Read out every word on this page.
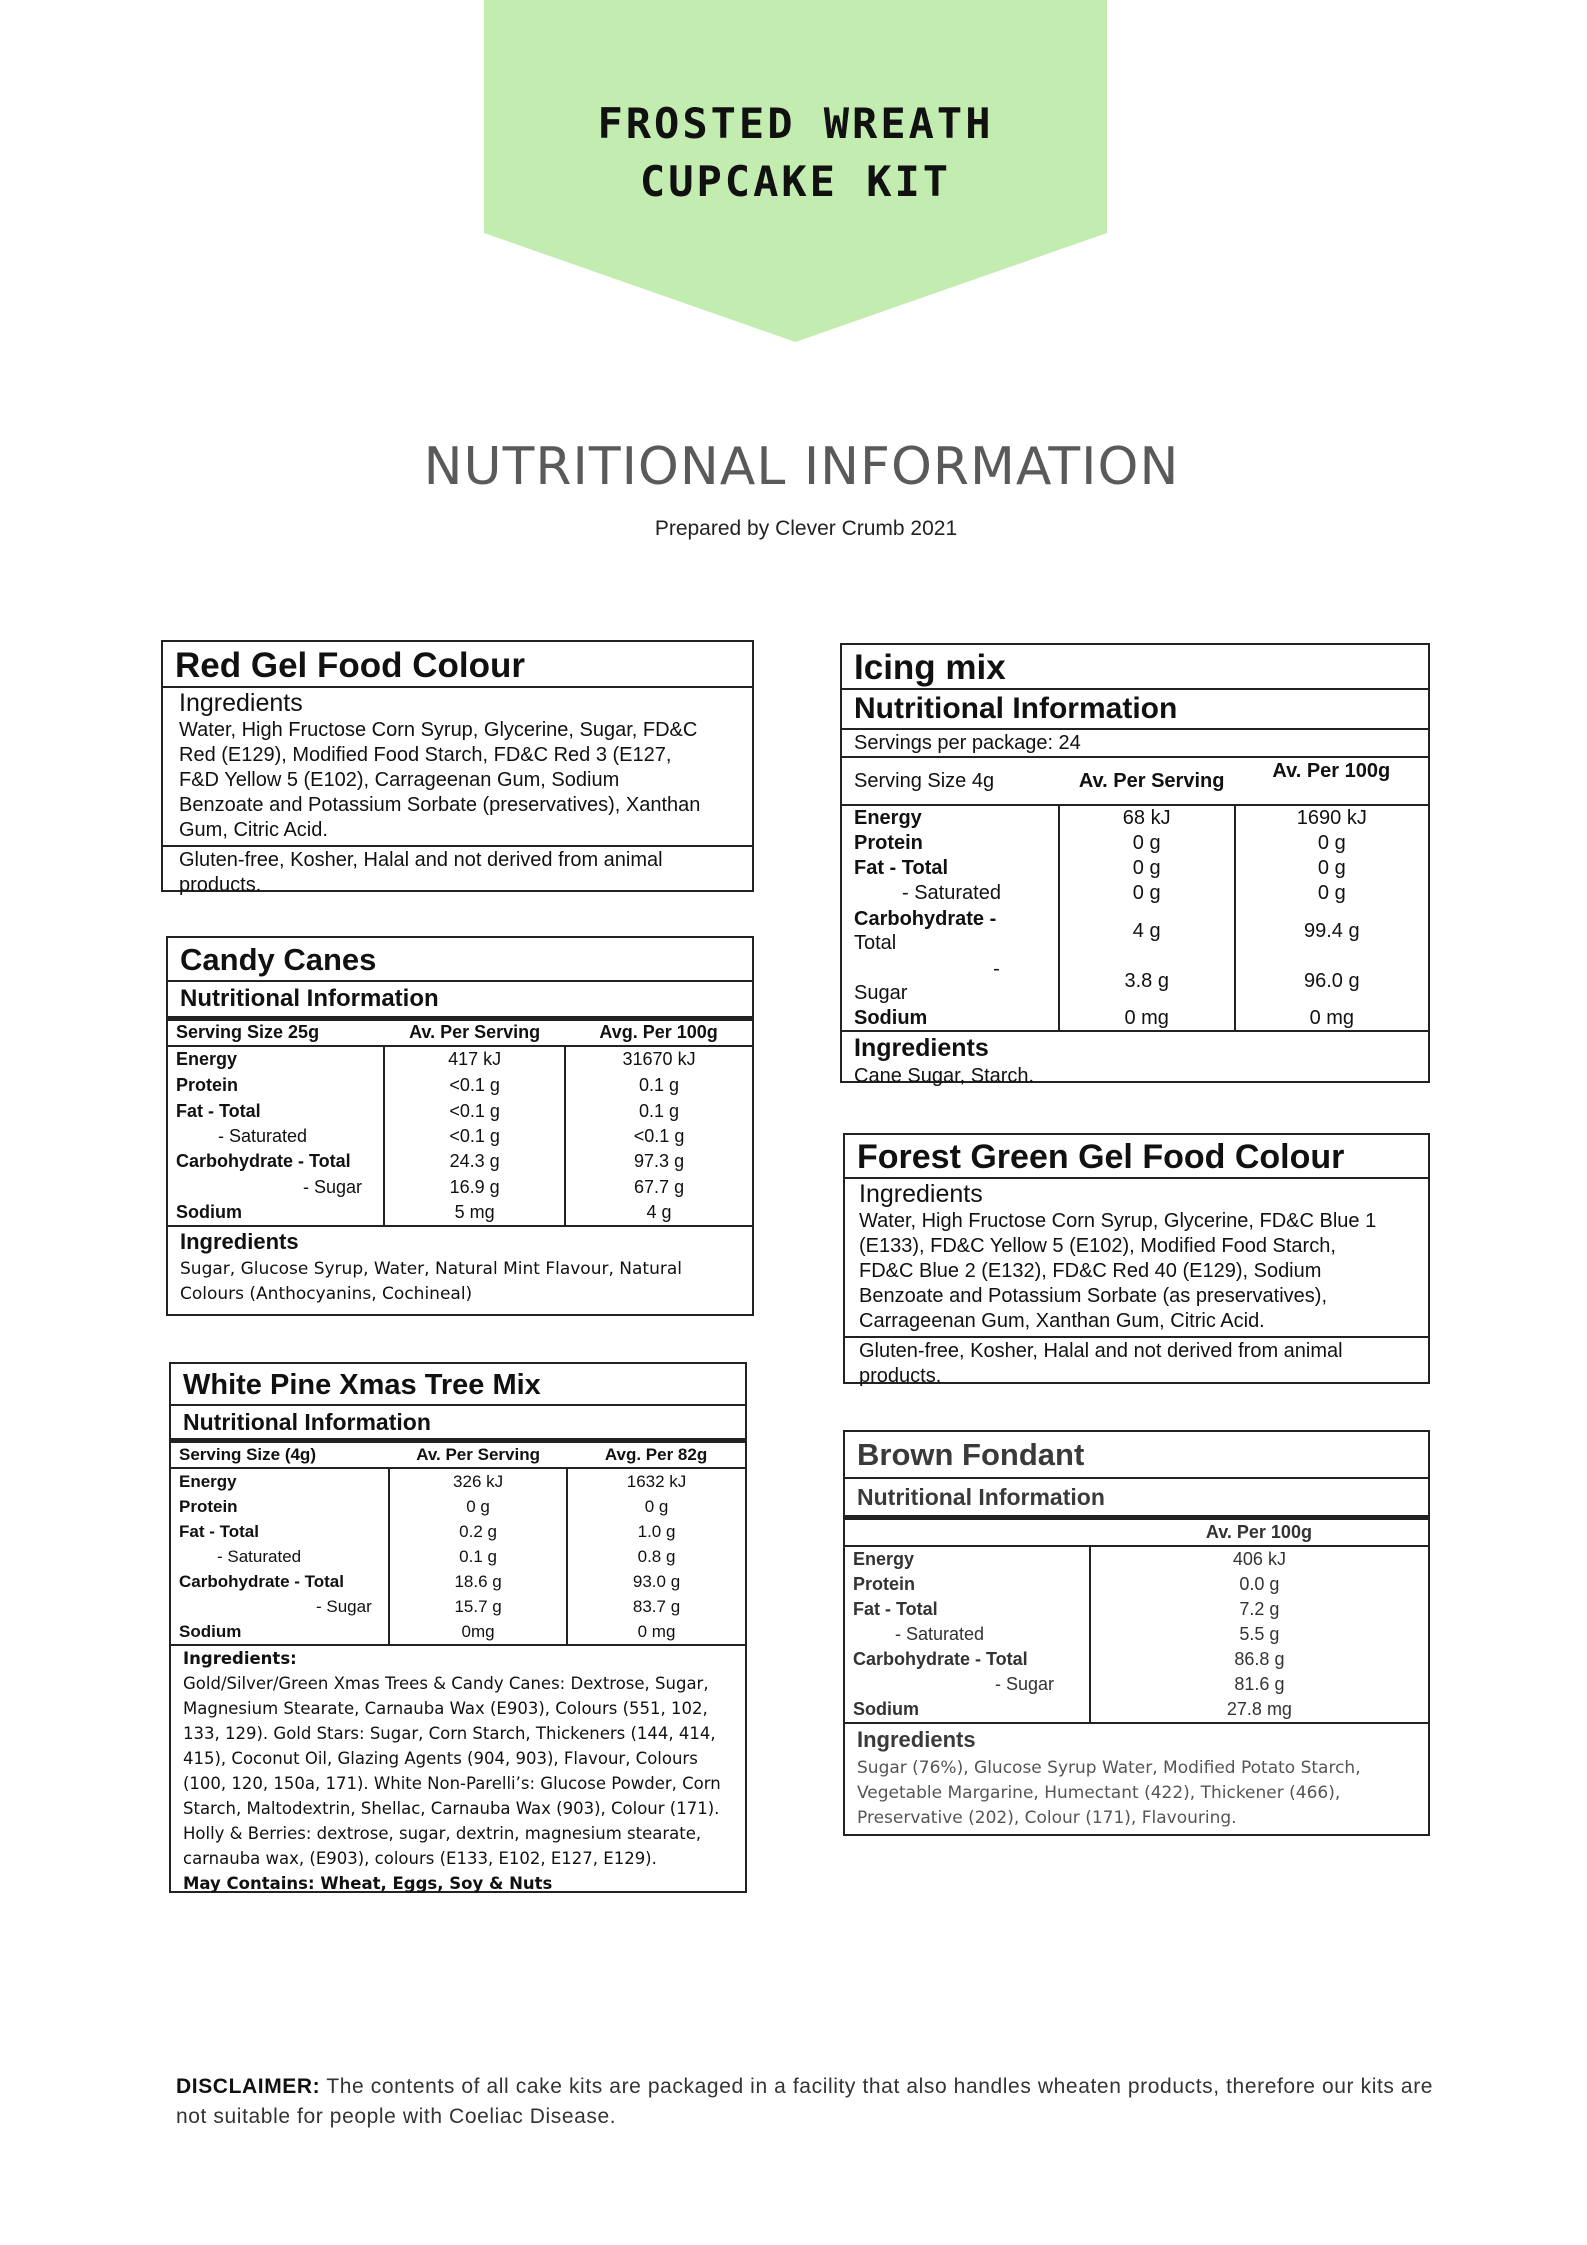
FROSTED WREATH
CUPCAKE KIT
NUTRITIONAL INFORMATION
Prepared by Clever Crumb 2021
Red Gel Food Colour
Ingredients
Water, High Fructose Corn Syrup, Glycerine, Sugar, FD&C
Red (E129), Modified Food Starch, FD&C Red 3 (E127,
F&D Yellow 5 (E102), Carrageenan Gum, Sodium
Benzoate and Potassium Sorbate (preservatives), Xanthan
Gum, Citric Acid.
Gluten-free, Kosher, Halal and not derived from animal
products.
Candy Canes
Nutritional Information
Serving Size 25g	Av. Per Serving	Avg. Per 100g
Energy	417 kJ	31670 kJ
Protein	<0.1 g	0.1 g
Fat - Total	<0.1 g	0.1 g
- Saturated	<0.1 g	<0.1 g
Carbohydrate - Total	24.3 g	97.3 g
- Sugar	16.9 g	67.7 g
Sodium	5 mg	4 g
Ingredients
Sugar, Glucose Syrup, Water, Natural Mint Flavour, Natural
Colours (Anthocyanins, Cochineal)
White Pine Xmas Tree Mix
Nutritional Information
Serving Size (4g)	Av. Per Serving	Avg. Per 82g
Energy	326 kJ	1632 kJ
Protein	0 g	0 g
Fat - Total	0.2 g	1.0 g
- Saturated	0.1 g	0.8 g
Carbohydrate - Total	18.6 g	93.0 g
- Sugar	15.7 g	83.7 g
Sodium	0mg	0 mg
Ingredients:
Gold/Silver/Green Xmas Trees & Candy Canes: Dextrose, Sugar,
Magnesium Stearate, Carnauba Wax (E903), Colours (551, 102,
133, 129). Gold Stars: Sugar, Corn Starch, Thickeners (144, 414,
415), Coconut Oil, Glazing Agents (904, 903), Flavour, Colours
(100, 120, 150a, 171). White Non-Parelli’s: Glucose Powder, Corn
Starch, Maltodextrin, Shellac, Carnauba Wax (903), Colour (171).
Holly & Berries: dextrose, sugar, dextrin, magnesium stearate,
carnauba wax, (E903), colours (E133, E102, E127, E129).
May Contains: Wheat, Eggs, Soy & Nuts
Icing mix
Nutritional Information
Servings per package: 24
Serving Size 4g	Av. Per Serving	Av. Per 100g
Energy	68 kJ	1690 kJ
Protein	0 g	0 g
Fat - Total	0 g	0 g
- Saturated	0 g	0 g

Carbohydrate -
Total	4 g	99.4 g

-
Sugar	3.8 g	96.0 g
Sodium	0 mg	0 mg
Ingredients
Cane Sugar, Starch.
Forest Green Gel Food Colour
Ingredients
Water, High Fructose Corn Syrup, Glycerine, FD&C Blue 1
(E133), FD&C Yellow 5 (E102), Modified Food Starch,
FD&C Blue 2 (E132), FD&C Red 40 (E129), Sodium
Benzoate and Potassium Sorbate (as preservatives),
Carrageenan Gum, Xanthan Gum, Citric Acid.
Gluten-free, Kosher, Halal and not derived from animal
products.
Brown Fondant
Nutritional Information
	Av. Per 100g
Energy	406 kJ
Protein	0.0 g
Fat - Total	7.2 g
- Saturated	5.5 g
Carbohydrate - Total	86.8 g
- Sugar	81.6 g
Sodium	27.8 mg
Ingredients
Sugar (76%), Glucose Syrup Water, Modified Potato Starch,
Vegetable Margarine, Humectant (422), Thickener (466),
Preservative (202), Colour (171), Flavouring.
DISCLAIMER: The contents of all cake kits are packaged in a facility that also handles wheaten products, therefore our kits are not suitable for people with Coeliac Disease.
